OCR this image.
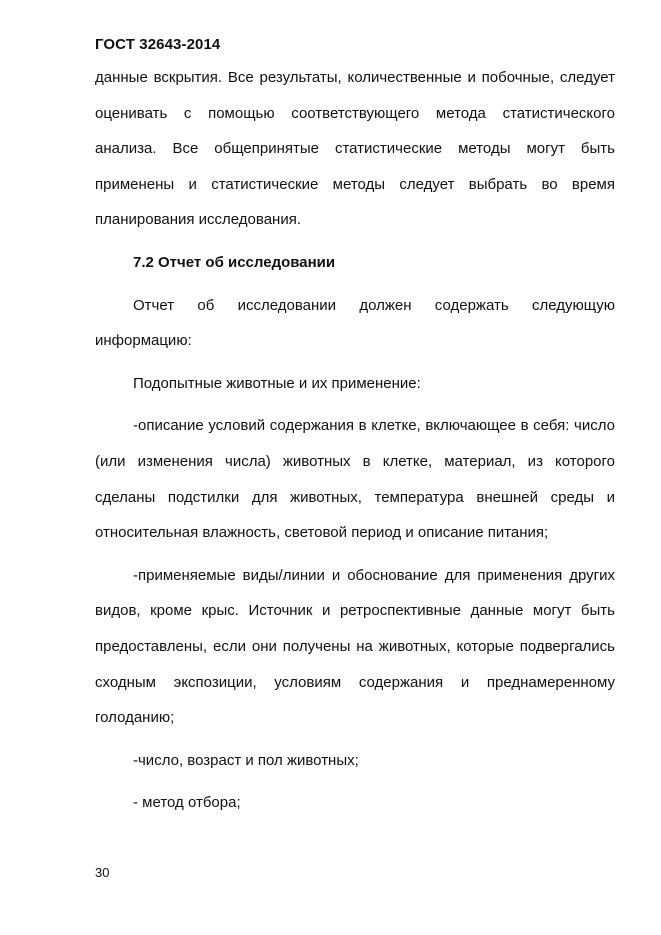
ГОСТ 32643-2014

данные вскрытия. Все результаты, количественные и побочные, следует оценивать с помощью соответствующего метода статистического анализа. Все общепринятые статистические методы могут быть применены и статистические методы следует выбрать во время планирования исследования.

7.2 Отчет об исследовании

Отчет об исследовании должен содержать следующую информацию:

Подопытные животные и их применение:

-описание условий содержания в клетке, включающее в себя: число (или изменения числа) животных в клетке, материал, из которого сделаны подстилки для животных, температура внешней среды и относительная влажность, световой период и описание питания;

-применяемые виды/линии и обоснование для применения других видов, кроме крыс. Источник и ретроспективные данные могут быть предоставлены, если они получены на животных, которые подвергались сходным экспозиции, условиям содержания и преднамеренному голоданию;

-число, возраст и пол животных;

- метод отбора;

30
